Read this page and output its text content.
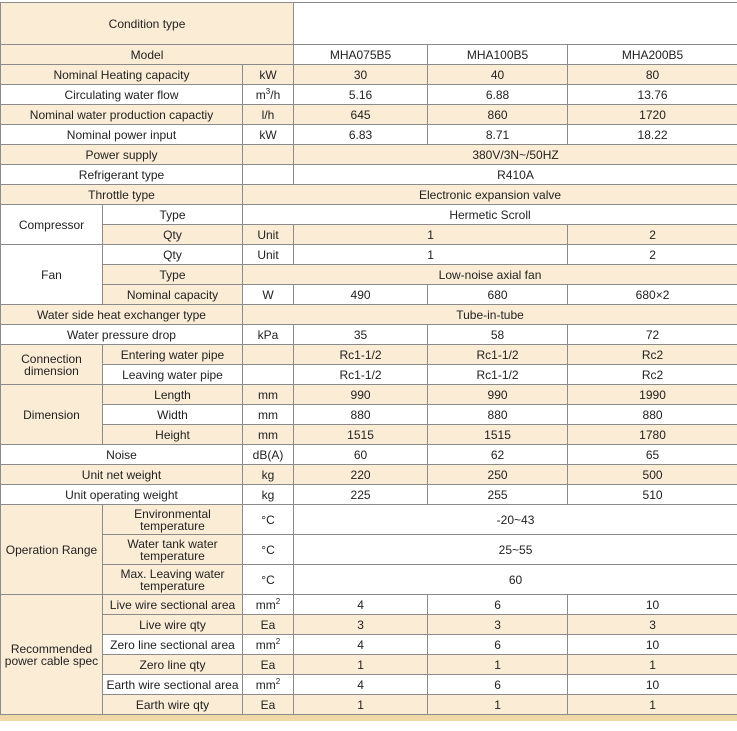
Condition type					
Model			MHA075B5	MHA100B5	MHA200B5
Nominal Heating capacity		kW	30	40	80
Circulating water flow		$m^3/h$	5.16	6.88	13.76
Nominal water production capactiy		l/h	645	860	1720
Nominal power input		kW	6.83	8.71	18.22
Power supply			380V/3N~/50HZ		
Refrigerant type			R410A		
Throttle type		Electronic expansion valve			
Compressor	Type	Hermetic Scroll			
	Qty	Unit	1		2
Fan	Qty	Unit	1		2
	Type	Low-noise axial fan			
	Nominal capacity	W	490	680	680×2
Water side heat exchanger type		Tube-in-tube			
Water pressure drop		kPa	35	58	72
Connection dimension	Entering water pipe		Rc1-1/2	Rc1-1/2	Rc2
	Leaving water pipe		Rc1-1/2	Rc1-1/2	Rc2
Dimension	Length	mm	990	990	1990
	Width	mm	880	880	880
	Height	mm	1515	1515	1780
Noise		dB(A)	60	62	65
Unit net weight		kg	220	250	500
Unit operating weight		kg	225	255	510
Operation Range	Environmental temperature	°C	-20~43		
	Water tank water temperature	°C	25~55		
	Max. Leaving water temperature	°C	60		
Recommended power cable spec	Live wire sectional area	$mm^2$	4	6	10
	Live wire qty	Ea	3	3	3
	Zero line sectional area	$mm^2$	4	6	10
	Zero line qty	Ea	1	1	1
	Earth wire sectional area	$mm^2$	4	6	10
	Earth wire qty	Ea	1	1	1
